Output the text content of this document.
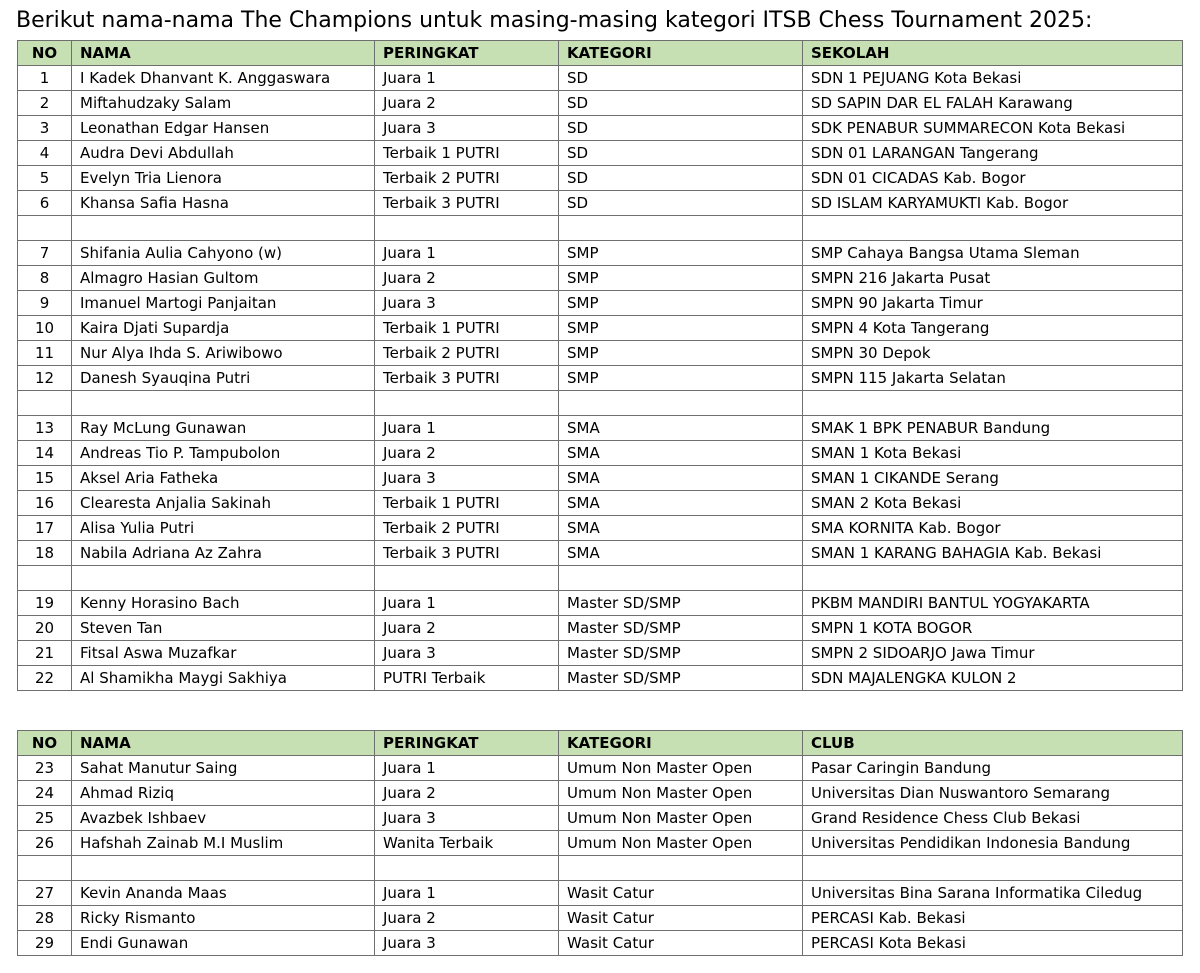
Berikut nama-nama The Champions untuk masing-masing kategori ITSB Chess Tournament 2025:
NO	NAMA	PERINGKAT	KATEGORI	SEKOLAH
1	I Kadek Dhanvant K. Anggaswara	Juara 1	SD	SDN 1 PEJUANG Kota Bekasi
2	Miftahudzaky Salam	Juara 2	SD	SD SAPIN DAR EL FALAH Karawang
3	Leonathan Edgar Hansen	Juara 3	SD	SDK PENABUR SUMMARECON Kota Bekasi
4	Audra Devi Abdullah	Terbaik 1 PUTRI	SD	SDN 01 LARANGAN Tangerang
5	Evelyn Tria Lienora	Terbaik 2 PUTRI	SD	SDN 01 CICADAS Kab. Bogor
6	Khansa Safia Hasna	Terbaik 3 PUTRI	SD	SD ISLAM KARYAMUKTI Kab. Bogor

7	Shifania Aulia Cahyono (w)	Juara 1	SMP	SMP Cahaya Bangsa Utama Sleman
8	Almagro Hasian Gultom	Juara 2	SMP	SMPN 216 Jakarta Pusat
9	Imanuel Martogi Panjaitan	Juara 3	SMP	SMPN 90 Jakarta Timur
10	Kaira Djati Supardja	Terbaik 1 PUTRI	SMP	SMPN 4 Kota Tangerang
11	Nur Alya Ihda S. Ariwibowo	Terbaik 2 PUTRI	SMP	SMPN 30 Depok
12	Danesh Syauqina Putri	Terbaik 3 PUTRI	SMP	SMPN 115 Jakarta Selatan

13	Ray McLung Gunawan	Juara 1	SMA	SMAK 1 BPK PENABUR Bandung
14	Andreas Tio P. Tampubolon	Juara 2	SMA	SMAN 1 Kota Bekasi
15	Aksel Aria Fatheka	Juara 3	SMA	SMAN 1 CIKANDE Serang
16	Clearesta Anjalia Sakinah	Terbaik 1 PUTRI	SMA	SMAN 2 Kota Bekasi
17	Alisa Yulia Putri	Terbaik 2 PUTRI	SMA	SMA KORNITA Kab. Bogor
18	Nabila Adriana Az Zahra	Terbaik 3 PUTRI	SMA	SMAN 1 KARANG BAHAGIA Kab. Bekasi

19	Kenny Horasino Bach	Juara 1	Master SD/SMP	PKBM MANDIRI BANTUL YOGYAKARTA
20	Steven Tan	Juara 2	Master SD/SMP	SMPN 1 KOTA BOGOR
21	Fitsal Aswa Muzafkar	Juara 3	Master SD/SMP	SMPN 2 SIDOARJO Jawa Timur
22	Al Shamikha Maygi Sakhiya	PUTRI Terbaik	Master SD/SMP	SDN MAJALENGKA KULON 2
NO	NAMA	PERINGKAT	KATEGORI	CLUB
23	Sahat Manutur Saing	Juara 1	Umum Non Master Open	Pasar Caringin Bandung
24	Ahmad Riziq	Juara 2	Umum Non Master Open	Universitas Dian Nuswantoro Semarang
25	Avazbek Ishbaev	Juara 3	Umum Non Master Open	Grand Residence Chess Club Bekasi
26	Hafshah Zainab M.I Muslim	Wanita Terbaik	Umum Non Master Open	Universitas Pendidikan Indonesia Bandung

27	Kevin Ananda Maas	Juara 1	Wasit Catur	Universitas Bina Sarana Informatika Ciledug
28	Ricky Rismanto	Juara 2	Wasit Catur	PERCASI Kab. Bekasi
29	Endi Gunawan	Juara 3	Wasit Catur	PERCASI Kota Bekasi
